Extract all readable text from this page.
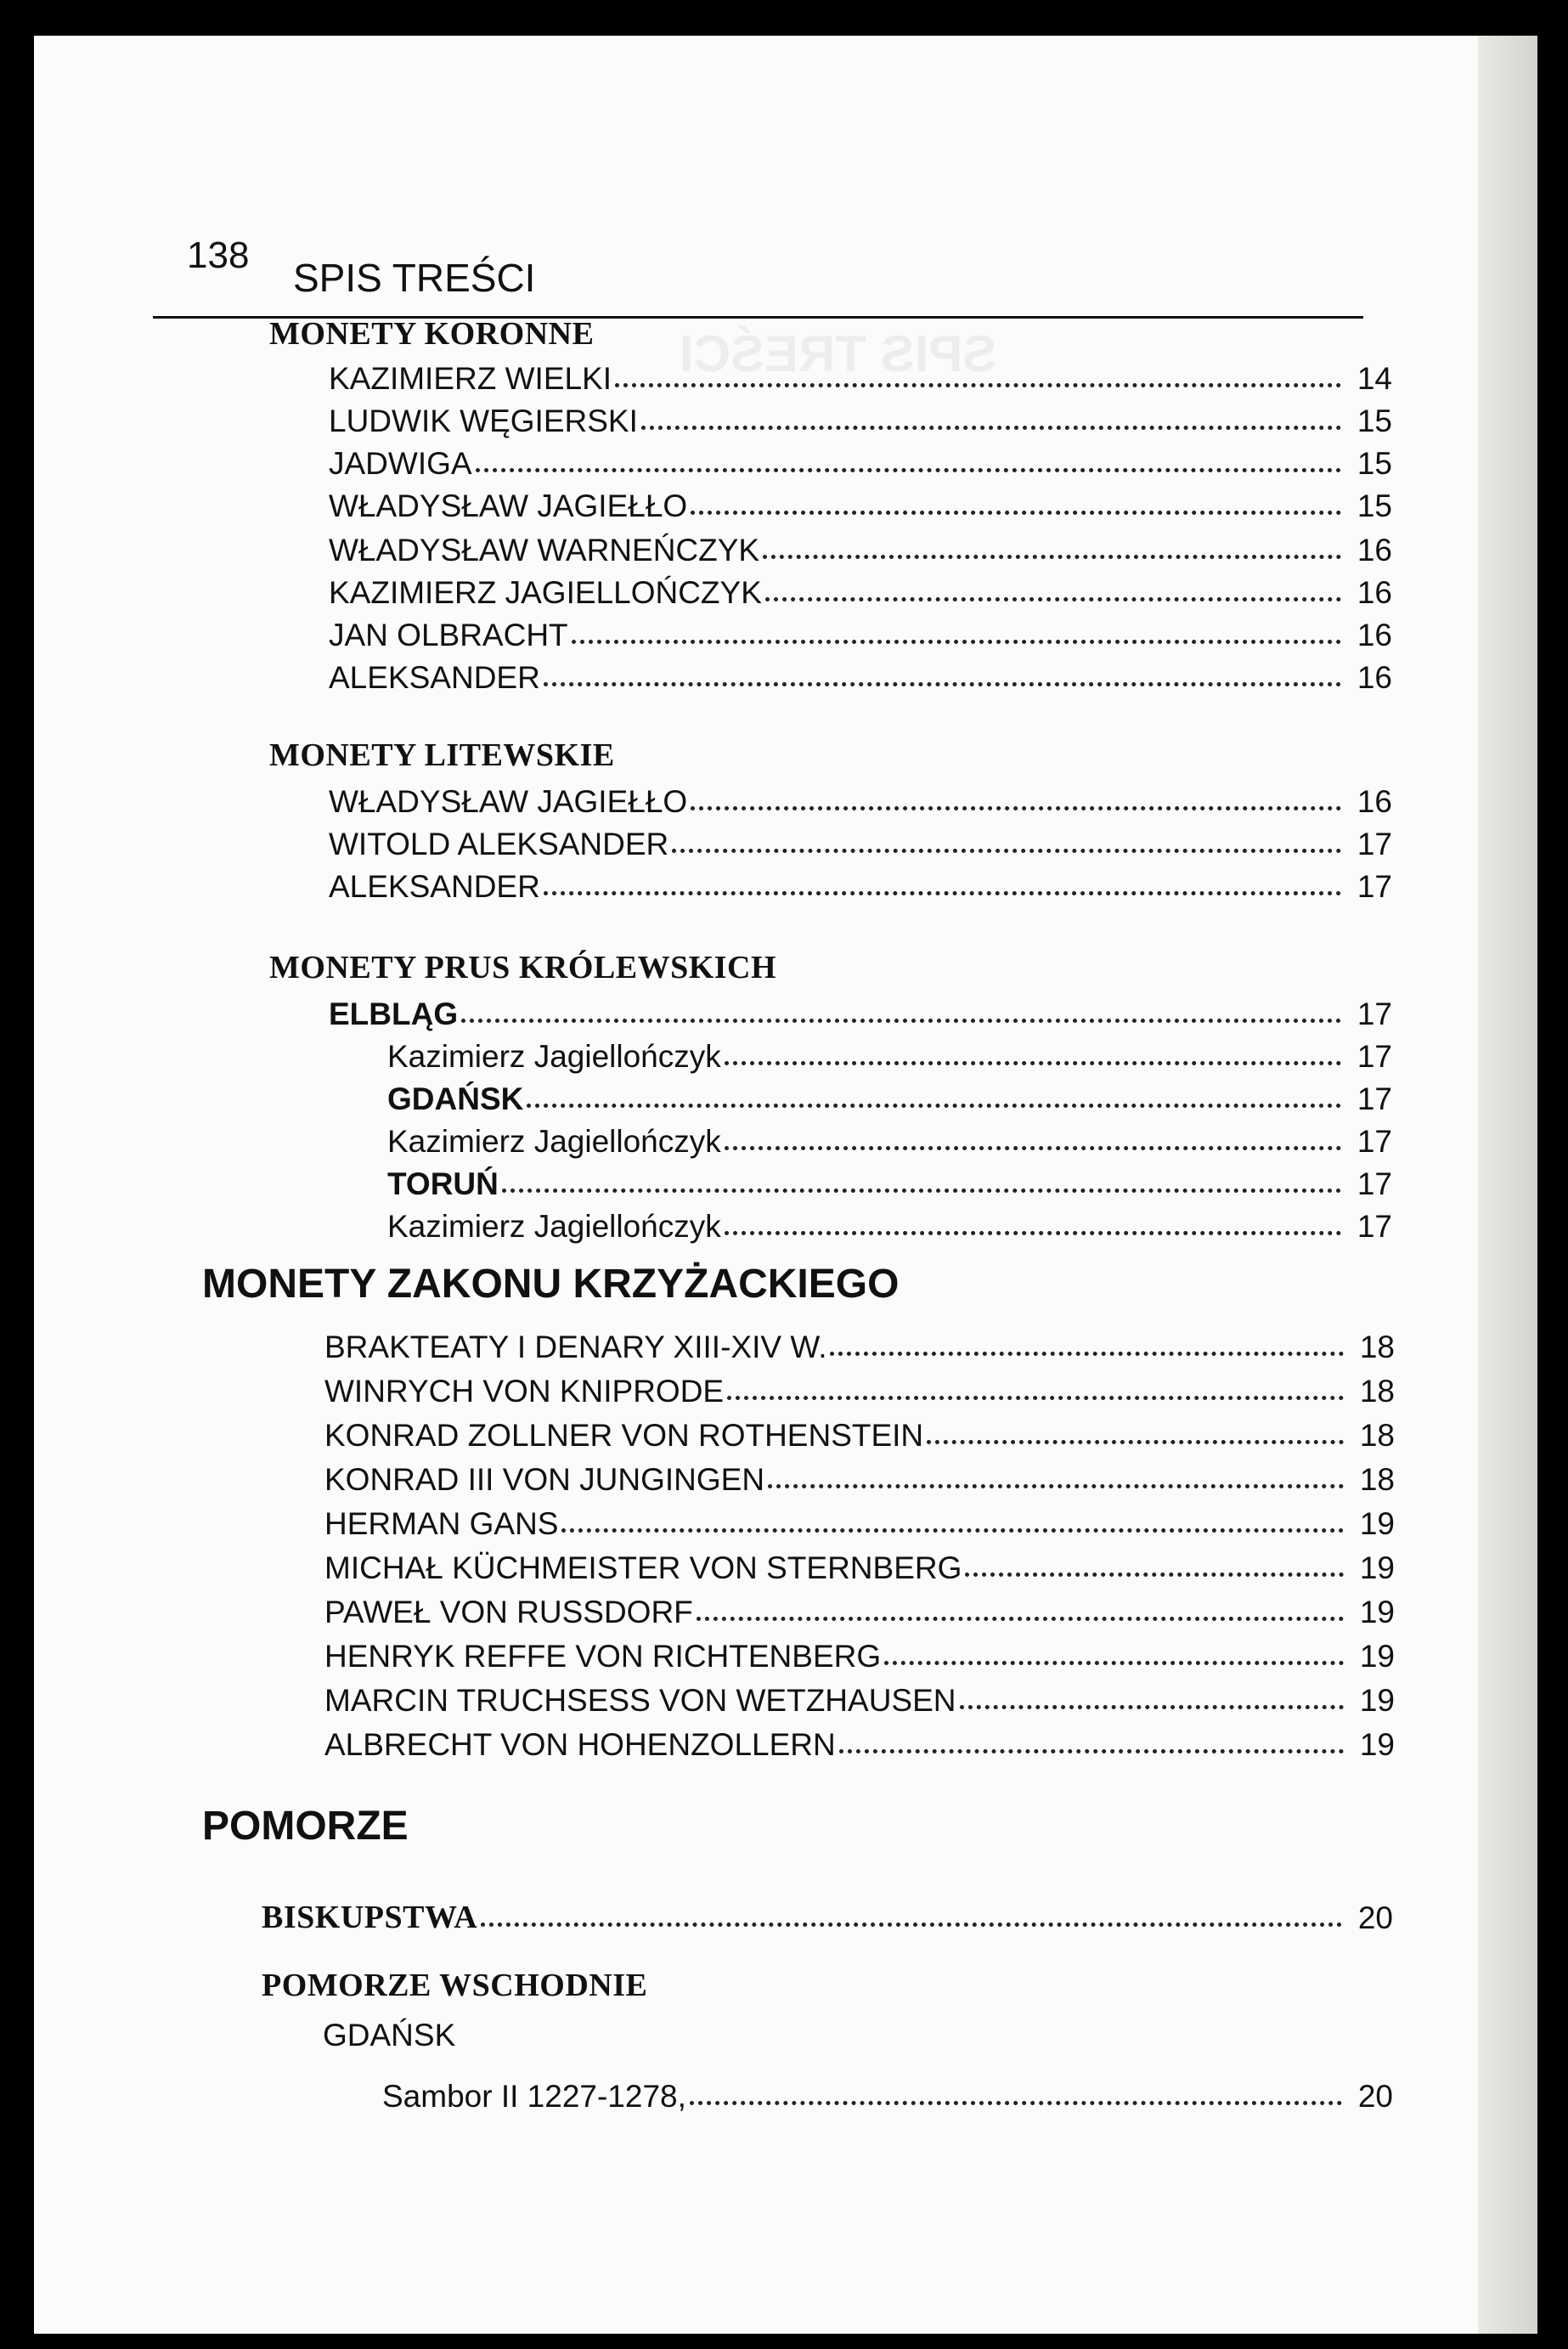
SPIS TREŚCI
138
SPIS TREŚCI
MONETY KORONNE
KAZIMIERZ WIELKI	14
LUDWIK WĘGIERSKI	15
JADWIGA	15
WŁADYSŁAW JAGIEŁŁO	15
WŁADYSŁAW WARNEŃCZYK	16
KAZIMIERZ JAGIELLOŃCZYK	16
JAN OLBRACHT	16
ALEKSANDER	16
MONETY LITEWSKIE
WŁADYSŁAW JAGIEŁŁO	16
WITOLD ALEKSANDER	17
ALEKSANDER	17
MONETY PRUS KRÓLEWSKICH
ELBLĄG	17
Kazimierz Jagiellończyk	17
GDAŃSK	17
Kazimierz Jagiellończyk	17
TORUŃ	17
Kazimierz Jagiellończyk	17
MONETY ZAKONU KRZYŻACKIEGO
BRAKTEATY I DENARY XIII-XIV W.	18
WINRYCH VON KNIPRODE	18
KONRAD ZOLLNER VON ROTHENSTEIN	18
KONRAD III VON JUNGINGEN	18
HERMAN GANS	19
MICHAŁ KÜCHMEISTER VON STERNBERG	19
PAWEŁ VON RUSSDORF	19
HENRYK REFFE VON RICHTENBERG	19
MARCIN TRUCHSESS VON WETZHAUSEN	19
ALBRECHT VON HOHENZOLLERN	19
POMORZE
BISKUPSTWA	20
POMORZE WSCHODNIE
GDAŃSK
Sambor II 1227-1278,	20
